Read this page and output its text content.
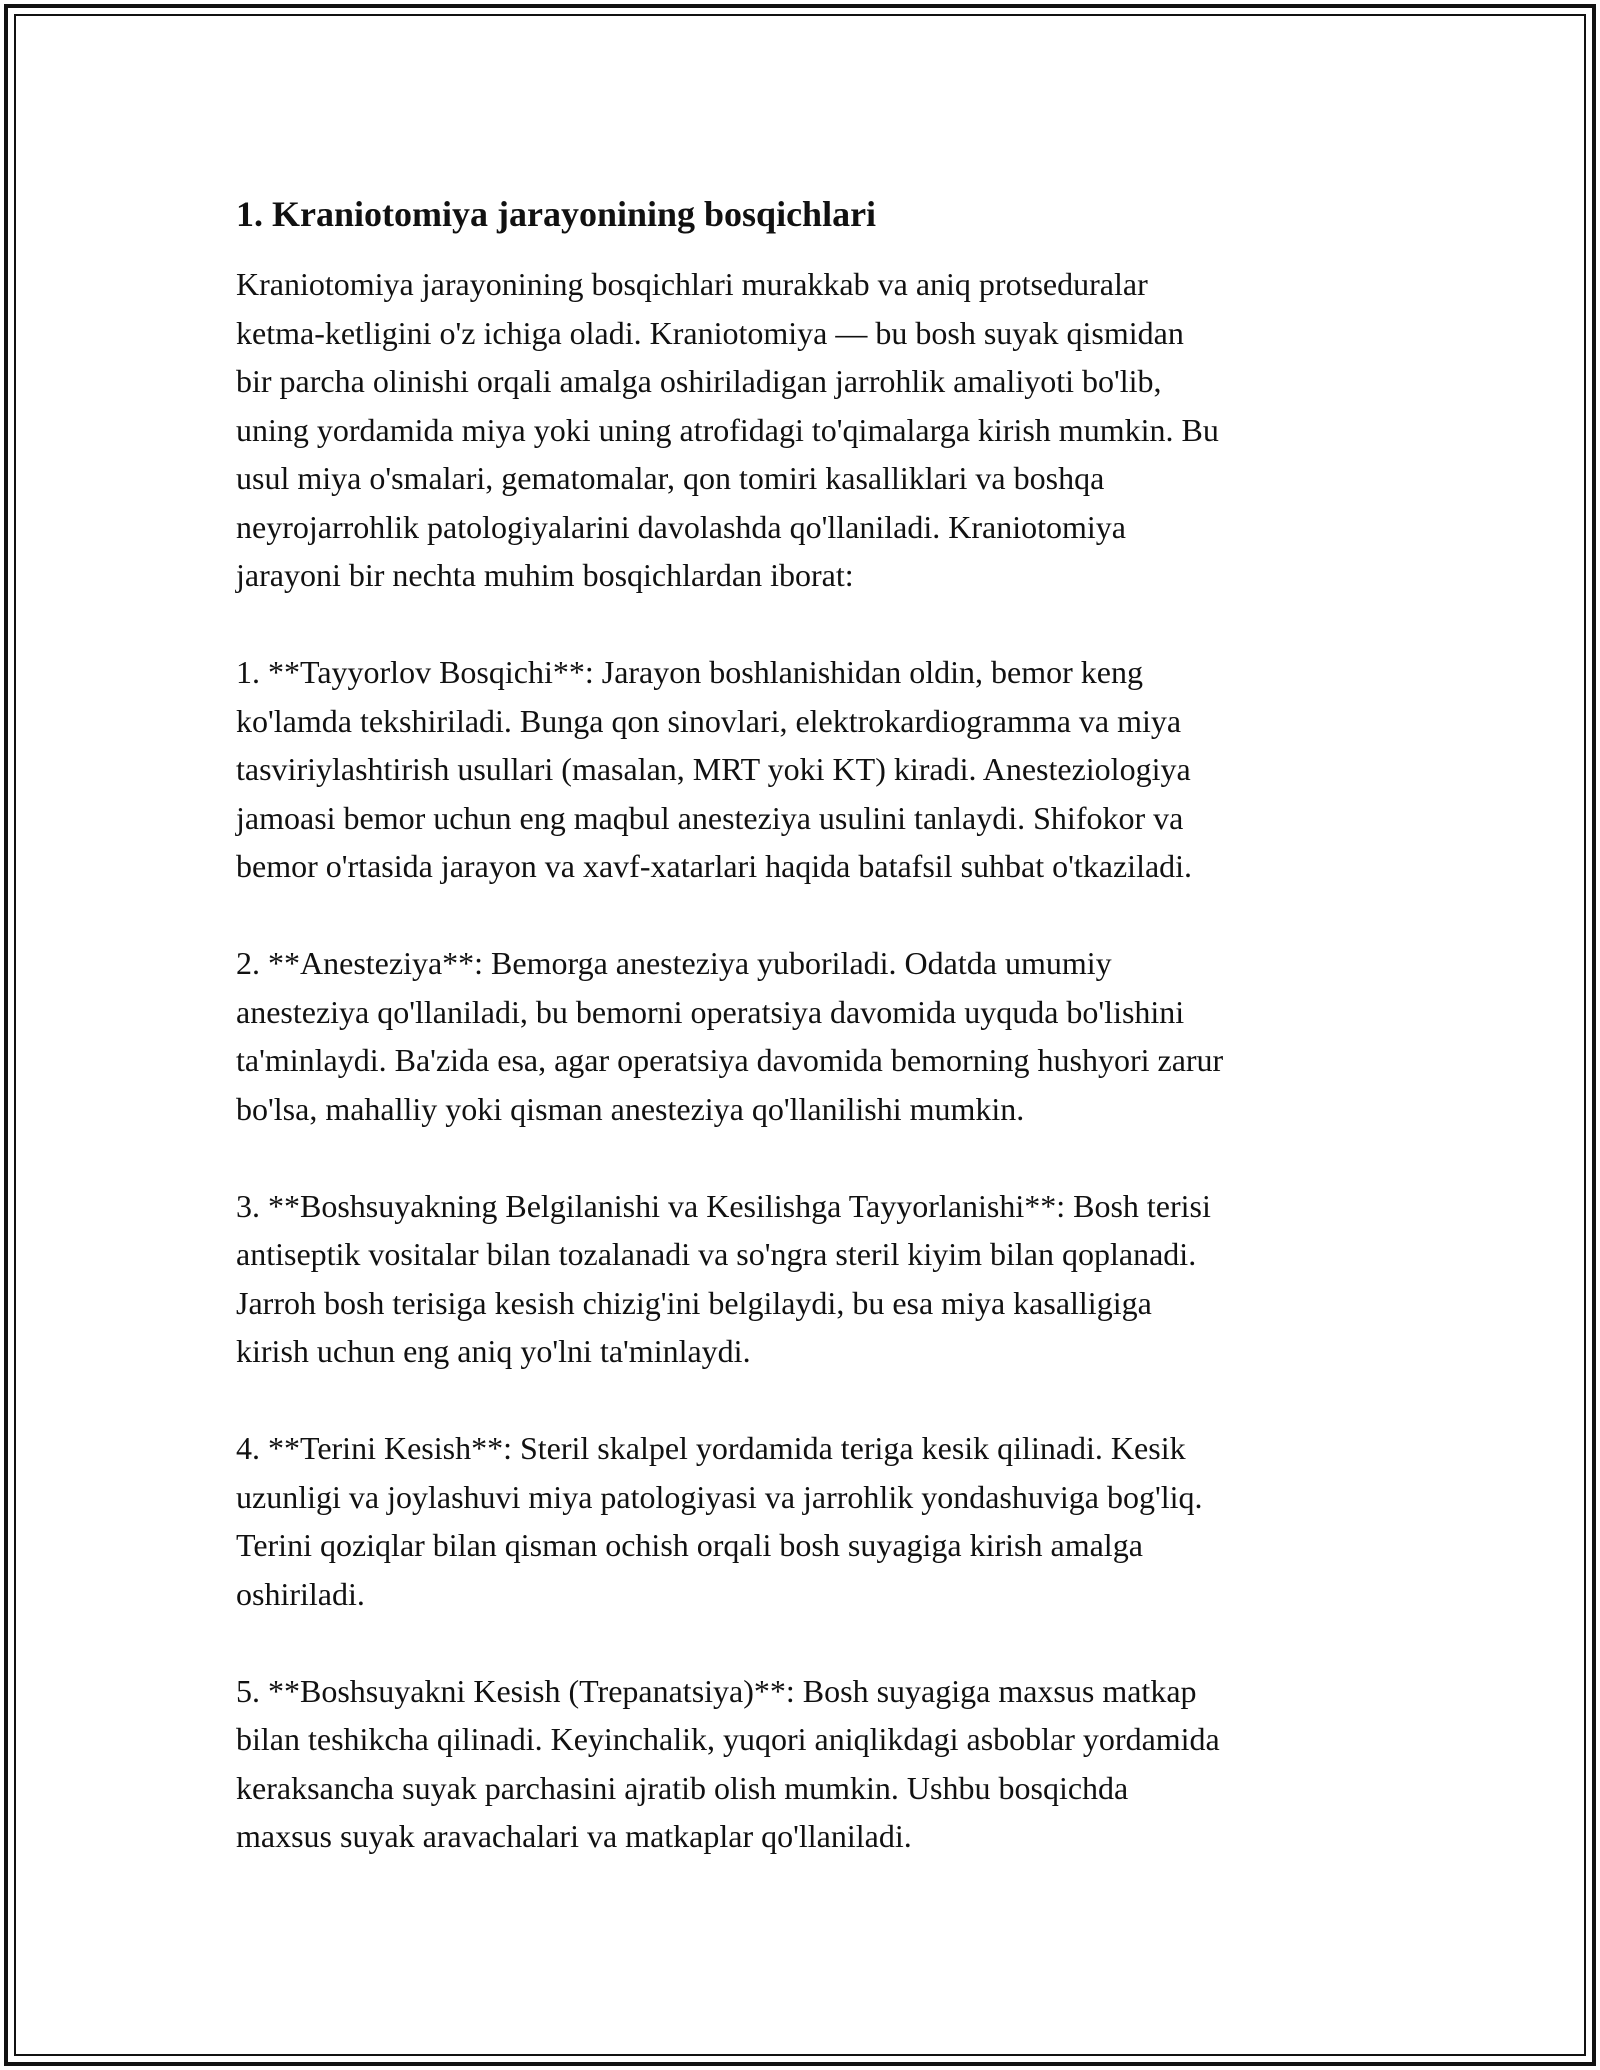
1. Kraniotomiya jarayonining bosqichlari
Kraniotomiya jarayonining bosqichlari murakkab va aniq protseduralar
ketma-ketligini o'z ichiga oladi. Kraniotomiya — bu bosh suyak qismidan
bir parcha olinishi orqali amalga oshiriladigan jarrohlik amaliyoti bo'lib,
uning yordamida miya yoki uning atrofidagi to'qimalarga kirish mumkin. Bu
usul miya o'smalari, gematomalar, qon tomiri kasalliklari va boshqa
neyrojarrohlik patologiyalarini davolashda qo'llaniladi. Kraniotomiya
jarayoni bir nechta muhim bosqichlardan iborat:
1. **Tayyorlov Bosqichi**: Jarayon boshlanishidan oldin, bemor keng
ko'lamda tekshiriladi. Bunga qon sinovlari, elektrokardiogramma va miya
tasviriylashtirish usullari (masalan, MRT yoki KT) kiradi. Anesteziologiya
jamoasi bemor uchun eng maqbul anesteziya usulini tanlaydi. Shifokor va
bemor o'rtasida jarayon va xavf-xatarlari haqida batafsil suhbat o'tkaziladi.
2. **Anesteziya**: Bemorga anesteziya yuboriladi. Odatda umumiy
anesteziya qo'llaniladi, bu bemorni operatsiya davomida uyquda bo'lishini
ta'minlaydi. Ba'zida esa, agar operatsiya davomida bemorning hushyori zarur
bo'lsa, mahalliy yoki qisman anesteziya qo'llanilishi mumkin.
3. **Boshsuyakning Belgilanishi va Kesilishga Tayyorlanishi**: Bosh terisi
antiseptik vositalar bilan tozalanadi va so'ngra steril kiyim bilan qoplanadi.
Jarroh bosh terisiga kesish chizig'ini belgilaydi, bu esa miya kasalligiga
kirish uchun eng aniq yo'lni ta'minlaydi.
4. **Terini Kesish**: Steril skalpel yordamida teriga kesik qilinadi. Kesik
uzunligi va joylashuvi miya patologiyasi va jarrohlik yondashuviga bog'liq.
Terini qoziqlar bilan qisman ochish orqali bosh suyagiga kirish amalga
oshiriladi.
5. **Boshsuyakni Kesish (Trepanatsiya)**: Bosh suyagiga maxsus matkap
bilan teshikcha qilinadi. Keyinchalik, yuqori aniqlikdagi asboblar yordamida
keraksancha suyak parchasini ajratib olish mumkin. Ushbu bosqichda
maxsus suyak aravachalari va matkaplar qo'llaniladi.
